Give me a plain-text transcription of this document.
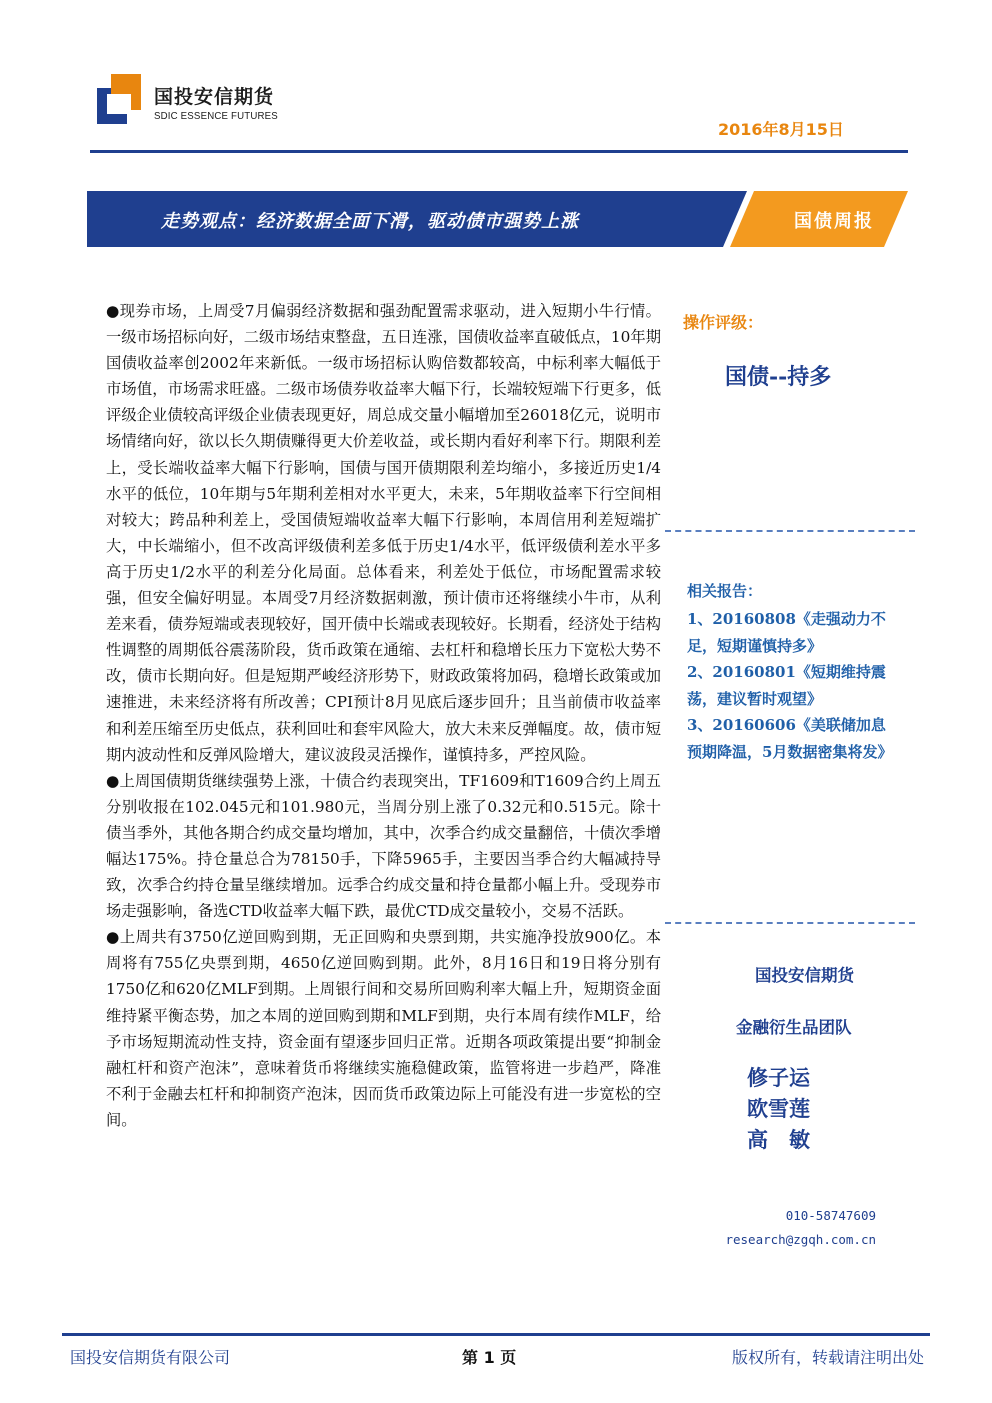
国投安信期货
SDIC ESSENCE FUTURES
2016年8月15日
走势观点：经济数据全面下滑，驱动债市强势上涨	国债周报

●现券市场，上周受7月偏弱经济数据和强劲配置需求驱动，进入短期小牛行情。一级市场招标向好，二级市场结束整盘，五日连涨，国债收益率直破低点，10年期国债收益率创2002年来新低。一级市场招标认购倍数都较高，中标利率大幅低于市场值，市场需求旺盛。二级市场债券收益率大幅下行，长端较短端下行更多，低评级企业债较高评级企业债表现更好，周总成交量小幅增加至26018亿元，说明市场情绪向好，欲以长久期债赚得更大价差收益，或长期内看好利率下行。期限利差上，受长端收益率大幅下行影响，国债与国开债期限利差均缩小，多接近历史1/4水平的低位，10年期与5年期利差相对水平更大，未来，5年期收益率下行空间相对较大；跨品种利差上，受国债短端收益率大幅下行影响，本周信用利差短端扩大，中长端缩小，但不改高评级债利差多低于历史1/4水平，低评级债利差水平多高于历史1/2水平的利差分化局面。总体看来，利差处于低位，市场配置需求较强，但安全偏好明显。本周受7月经济数据刺激，预计债市还将继续小牛市，从利差来看，债券短端或表现较好，国开债中长端或表现较好。长期看，经济处于结构性调整的周期低谷震荡阶段，货币政策在通缩、去杠杆和稳增长压力下宽松大势不改，债市长期向好。但是短期严峻经济形势下，财政政策将加码，稳增长政策或加速推进，未来经济将有所改善；CPI预计8月见底后逐步回升；且当前债市收益率和利差压缩至历史低点，获利回吐和套牢风险大，放大未来反弹幅度。故，债市短期内波动性和反弹风险增大，建议波段灵活操作，谨慎持多，严控风险。

●上周国债期货继续强势上涨，十债合约表现突出，TF1609和T1609合约上周五分别收报在102.045元和101.980元，当周分别上涨了0.32元和0.515元。除十债当季外，其他各期合约成交量均增加，其中，次季合约成交量翻倍，十债次季增幅达175%。持仓量总合为78150手，下降5965手，主要因当季合约大幅减持导致，次季合约持仓量呈继续增加。远季合约成交量和持仓量都小幅上升。受现券市场走强影响，备选CTD收益率大幅下跌，最优CTD成交量较小，交易不活跃。

●上周共有3750亿逆回购到期，无正回购和央票到期，共实施净投放900亿。本周将有755亿央票到期，4650亿逆回购到期。此外，8月16日和19日将分别有1750亿和620亿MLF到期。上周银行间和交易所回购利率大幅上升，短期资金面维持紧平衡态势，加之本周的逆回购到期和MLF到期，央行本周有续作MLF，给予市场短期流动性支持，资金面有望逐步回归正常。近期各项政策提出要“抑制金融杠杆和资产泡沫”，意味着货币将继续实施稳健政策，监管将进一步趋严，降准不利于金融去杠杆和抑制资产泡沫，因而货币政策边际上可能没有进一步宽松的空间。

操作评级：
国债--持多
相关报告：
1、20160808《走强动力不足，短期谨慎持多》
2、20160801《短期维持震荡，建议暂时观望》
3、20160606《美联储加息预期降温，5月数据密集将发》
国投安信期货
金融衍生品团队
修子运
欧雪莲
高　敏
010-58747609
research@zgqh.com.cn
国投安信期货有限公司	第 1 页	版权所有，转载请注明出处
